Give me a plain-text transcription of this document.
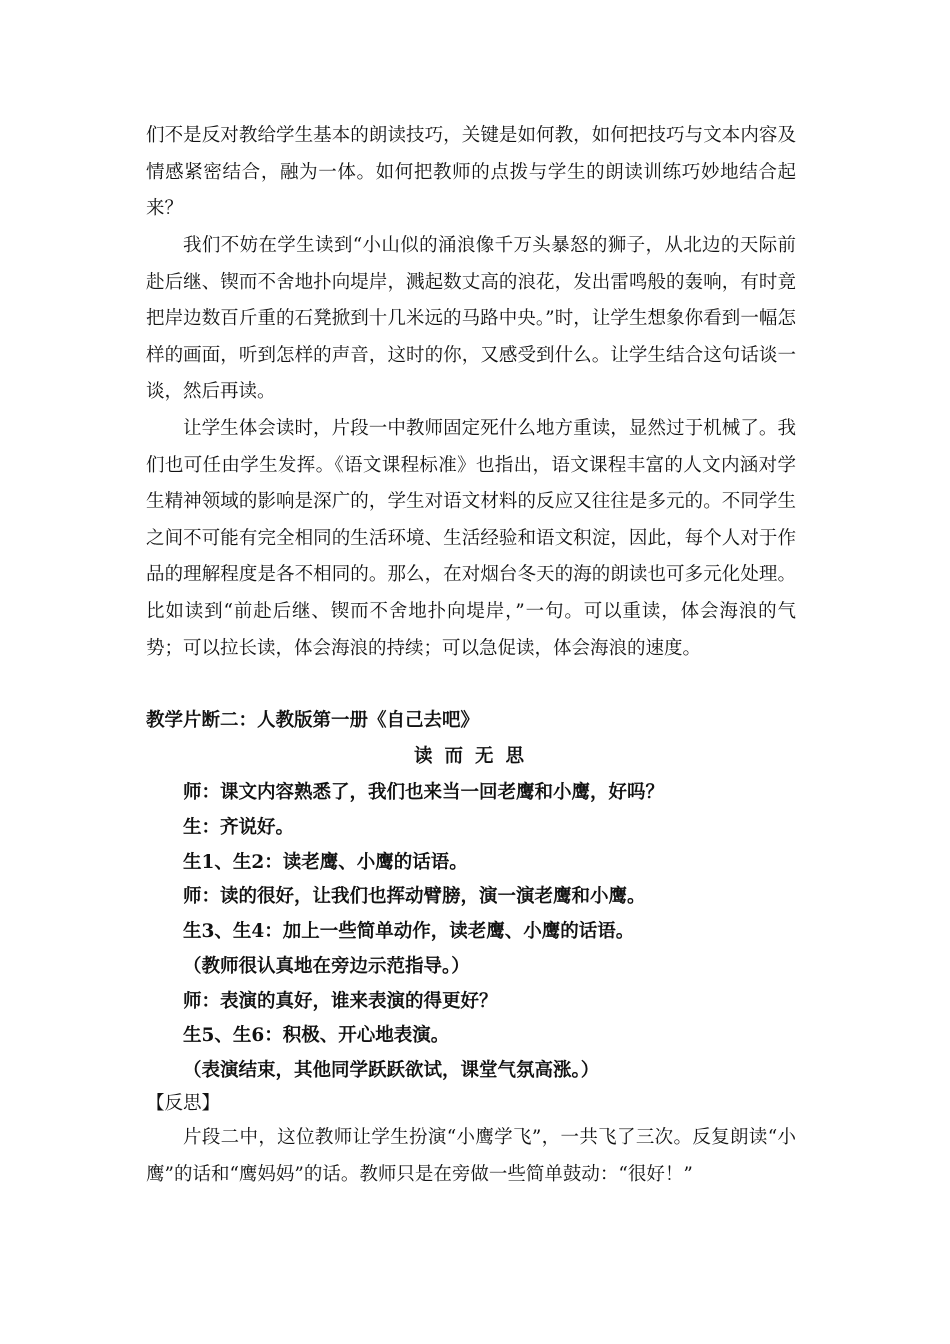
们不是反对教给学生基本的朗读技巧，关键是如何教，如何把技巧与文本内容及情感紧密结合，融为一体。如何把教师的点拨与学生的朗读训练巧妙地结合起来？

我们不妨在学生读到“小山似的涌浪像千万头暴怒的狮子，从北边的天际前赴后继、锲而不舍地扑向堤岸，溅起数丈高的浪花，发出雷鸣般的轰响，有时竟把岸边数百斤重的石凳掀到十几米远的马路中央。”时，让学生想象你看到一幅怎样的画面，听到怎样的声音，这时的你，又感受到什么。让学生结合这句话谈一谈，然后再读。

让学生体会读时，片段一中教师固定死什么地方重读，显然过于机械了。我们也可任由学生发挥。《语文课程标准》也指出，语文课程丰富的人文内涵对学生精神领域的影响是深广的，学生对语文材料的反应又往往是多元的。不同学生之间不可能有完全相同的生活环境、生活经验和语文积淀，因此，每个人对于作品的理解程度是各不相同的。那么，在对烟台冬天的海的朗读也可多元化处理。比如读到“前赴后继、锲而不舍地扑向堤岸，”一句。可以重读，体会海浪的气势；可以拉长读，体会海浪的持续；可以急促读，体会海浪的速度。

教学片断二：人教版第一册《自己去吧》

读而无思

师：课文内容熟悉了，我们也来当一回老鹰和小鹰，好吗？

生：齐说好。

生1、生2：读老鹰、小鹰的话语。

师：读的很好，让我们也挥动臂膀，演一演老鹰和小鹰。

生3、生4：加上一些简单动作，读老鹰、小鹰的话语。

（教师很认真地在旁边示范指导。）

师：表演的真好，谁来表演的得更好？

生5、生6：积极、开心地表演。

（表演结束，其他同学跃跃欲试，课堂气氛高涨。）

【反思】

片段二中，这位教师让学生扮演“小鹰学飞”，一共飞了三次。反复朗读“小鹰”的话和“鹰妈妈”的话。教师只是在旁做一些简单鼓动：“很好！”
